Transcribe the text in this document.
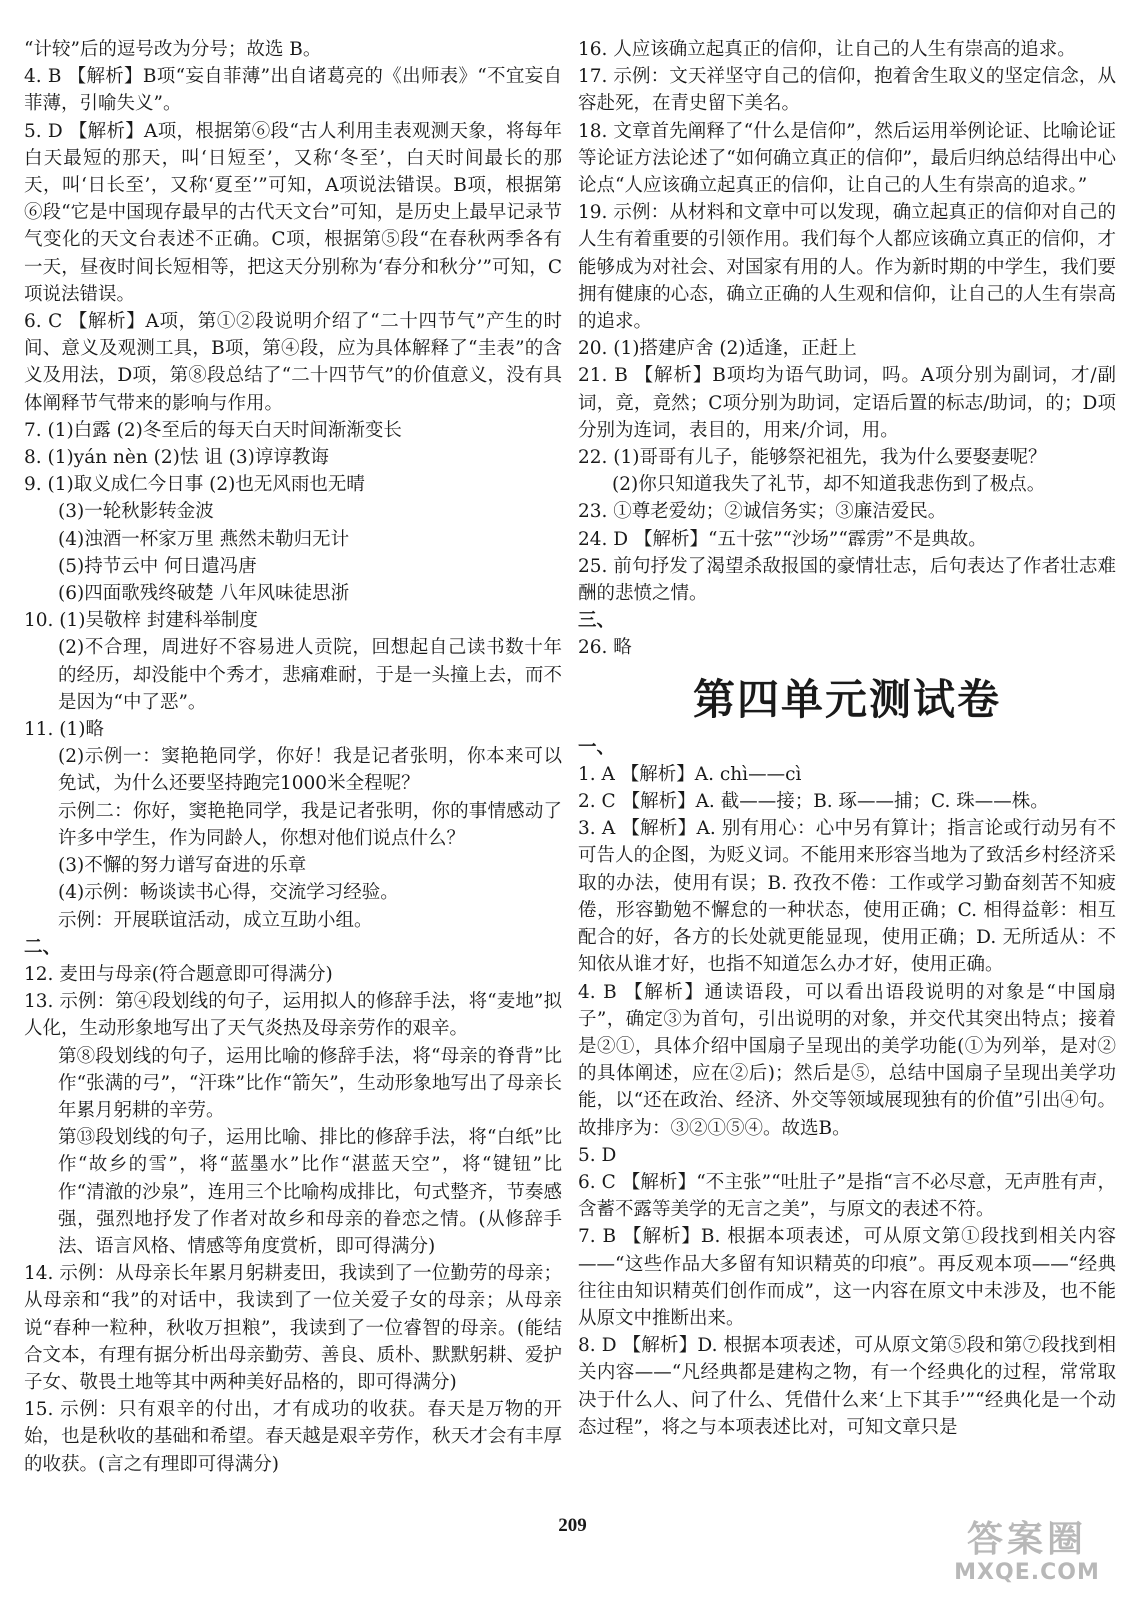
“计较”后的逗号改为分号；故选 B。

4. B 【解析】B项“妄自菲薄”出自诸葛亮的《出师表》“不宜妄自菲薄，引喻失义”。

5. D 【解析】A项，根据第⑥段“古人利用圭表观测天象，将每年白天最短的那天，叫‘日短至’，又称‘冬至’，白天时间最长的那天，叫‘日长至’，又称‘夏至’”可知，A项说法错误。B项，根据第⑥段“它是中国现存最早的古代天文台”可知，是历史上最早记录节气变化的天文台表述不正确。C项，根据第⑤段“在春秋两季各有一天，昼夜时间长短相等，把这天分别称为‘春分和秋分’”可知，C项说法错误。

6. C 【解析】A项，第①②段说明介绍了“二十四节气”产生的时间、意义及观测工具，B项，第④段，应为具体解释了“圭表”的含义及用法，D项，第⑧段总结了“二十四节气”的价值意义，没有具体阐释节气带来的影响与作用。

7. (1)白露 (2)冬至后的每天白天时间渐渐变长

8. (1)yán nèn (2)怯 诅 (3)谆谆教诲

9. (1)取义成仁今日事 (2)也无风雨也无晴

(3)一轮秋影转金波

(4)浊酒一杯家万里 燕然未勒归无计

(5)持节云中 何日遣冯唐

(6)四面歌残终破楚 八年风味徒思浙

10. (1)吴敬梓 封建科举制度

(2)不合理，周进好不容易进人贡院，回想起自己读书数十年的经历，却没能中个秀才，悲痛难耐，于是一头撞上去，而不是因为“中了恶”。

11. (1)略

(2)示例一：窦艳艳同学，你好！我是记者张明，你本来可以免试，为什么还要坚持跑完1000米全程呢？

示例二：你好，窦艳艳同学，我是记者张明，你的事情感动了许多中学生，作为同龄人，你想对他们说点什么？

(3)不懈的努力谱写奋进的乐章

(4)示例：畅谈读书心得，交流学习经验。

示例：开展联谊活动，成立互助小组。

二、

12. 麦田与母亲(符合题意即可得满分)

13. 示例：第④段划线的句子，运用拟人的修辞手法，将“麦地”拟人化，生动形象地写出了天气炎热及母亲劳作的艰辛。

第⑧段划线的句子，运用比喻的修辞手法，将“母亲的脊背”比作“张满的弓”，“汗珠”比作“箭矢”，生动形象地写出了母亲长年累月躬耕的辛劳。

第⑬段划线的句子，运用比喻、排比的修辞手法，将“白纸”比作“故乡的雪”，将“蓝墨水”比作“湛蓝天空”，将“键钮”比作“清澈的沙泉”，连用三个比喻构成排比，句式整齐，节奏感强，强烈地抒发了作者对故乡和母亲的眷恋之情。(从修辞手法、语言风格、情感等角度赏析，即可得满分)

14. 示例：从母亲长年累月躬耕麦田，我读到了一位勤劳的母亲；从母亲和“我”的对话中，我读到了一位关爱子女的母亲；从母亲说“春种一粒种，秋收万担粮”，我读到了一位睿智的母亲。(能结合文本，有理有据分析出母亲勤劳、善良、质朴、默默躬耕、爱护子女、敬畏土地等其中两种美好品格的，即可得满分)

15. 示例：只有艰辛的付出，才有成功的收获。春天是万物的开始，也是秋收的基础和希望。春天越是艰辛劳作，秋天才会有丰厚的收获。(言之有理即可得满分)

16. 人应该确立起真正的信仰，让自己的人生有崇高的追求。

17. 示例：文天祥坚守自己的信仰，抱着舍生取义的坚定信念，从容赴死，在青史留下美名。

18. 文章首先阐释了“什么是信仰”，然后运用举例论证、比喻论证等论证方法论述了“如何确立真正的信仰”，最后归纳总结得出中心论点“人应该确立起真正的信仰，让自己的人生有崇高的追求。”

19. 示例：从材料和文章中可以发现，确立起真正的信仰对自己的人生有着重要的引领作用。我们每个人都应该确立真正的信仰，才能够成为对社会、对国家有用的人。作为新时期的中学生，我们要拥有健康的心态，确立正确的人生观和信仰，让自己的人生有崇高的追求。

20. (1)搭建庐舍 (2)适逢，正赶上

21. B 【解析】B项均为语气助词，吗。A项分别为副词，才/副词，竟，竟然；C项分别为助词，定语后置的标志/助词，的；D项分别为连词，表目的，用来/介词，用。

22. (1)哥哥有儿子，能够祭祀祖先，我为什么要娶妻呢？

(2)你只知道我失了礼节，却不知道我悲伤到了极点。

23. ①尊老爱幼；②诚信务实；③廉洁爱民。

24. D 【解析】“五十弦”“沙场”“霹雳”不是典故。

25. 前句抒发了渴望杀敌报国的豪情壮志，后句表达了作者壮志难酬的悲愤之情。

三、

26. 略

第四单元测试卷

一、

1. A 【解析】A. chì——cì

2. C 【解析】A. 截——接；B. 琢——捕；C. 珠——株。

3. A 【解析】A. 别有用心：心中另有算计；指言论或行动另有不可告人的企图，为贬义词。不能用来形容当地为了致活乡村经济采取的办法，使用有误；B. 孜孜不倦：工作或学习勤奋刻苦不知疲倦，形容勤勉不懈怠的一种状态，使用正确；C. 相得益彰：相互配合的好，各方的长处就更能显现，使用正确；D. 无所适从：不知依从谁才好，也指不知道怎么办才好，使用正确。

4. B 【解析】通读语段，可以看出语段说明的对象是“中国扇子”，确定③为首句，引出说明的对象，并交代其突出特点；接着是②①，具体介绍中国扇子呈现出的美学功能(①为列举，是对②的具体阐述，应在②后)；然后是⑤，总结中国扇子呈现出美学功能，以“还在政治、经济、外交等领域展现独有的价值”引出④句。故排序为：③②①⑤④。故选B。

5. D

6. C 【解析】“不主张”“吐肚子”是指“言不必尽意，无声胜有声，含蓄不露等美学的无言之美”，与原文的表述不符。

7. B 【解析】B. 根据本项表述，可从原文第①段找到相关内容——“这些作品大多留有知识精英的印痕”。再反观本项——“经典往往由知识精英们创作而成”，这一内容在原文中未涉及，也不能从原文中推断出来。

8. D 【解析】D. 根据本项表述，可从原文第⑤段和第⑦段找到相关内容——“凡经典都是建构之物，有一个经典化的过程，常常取决于什么人、问了什么、凭借什么来‘上下其手’”“经典化是一个动态过程”，将之与本项表述比对，可知文章只是

209	答案圈
MXQE.COM
